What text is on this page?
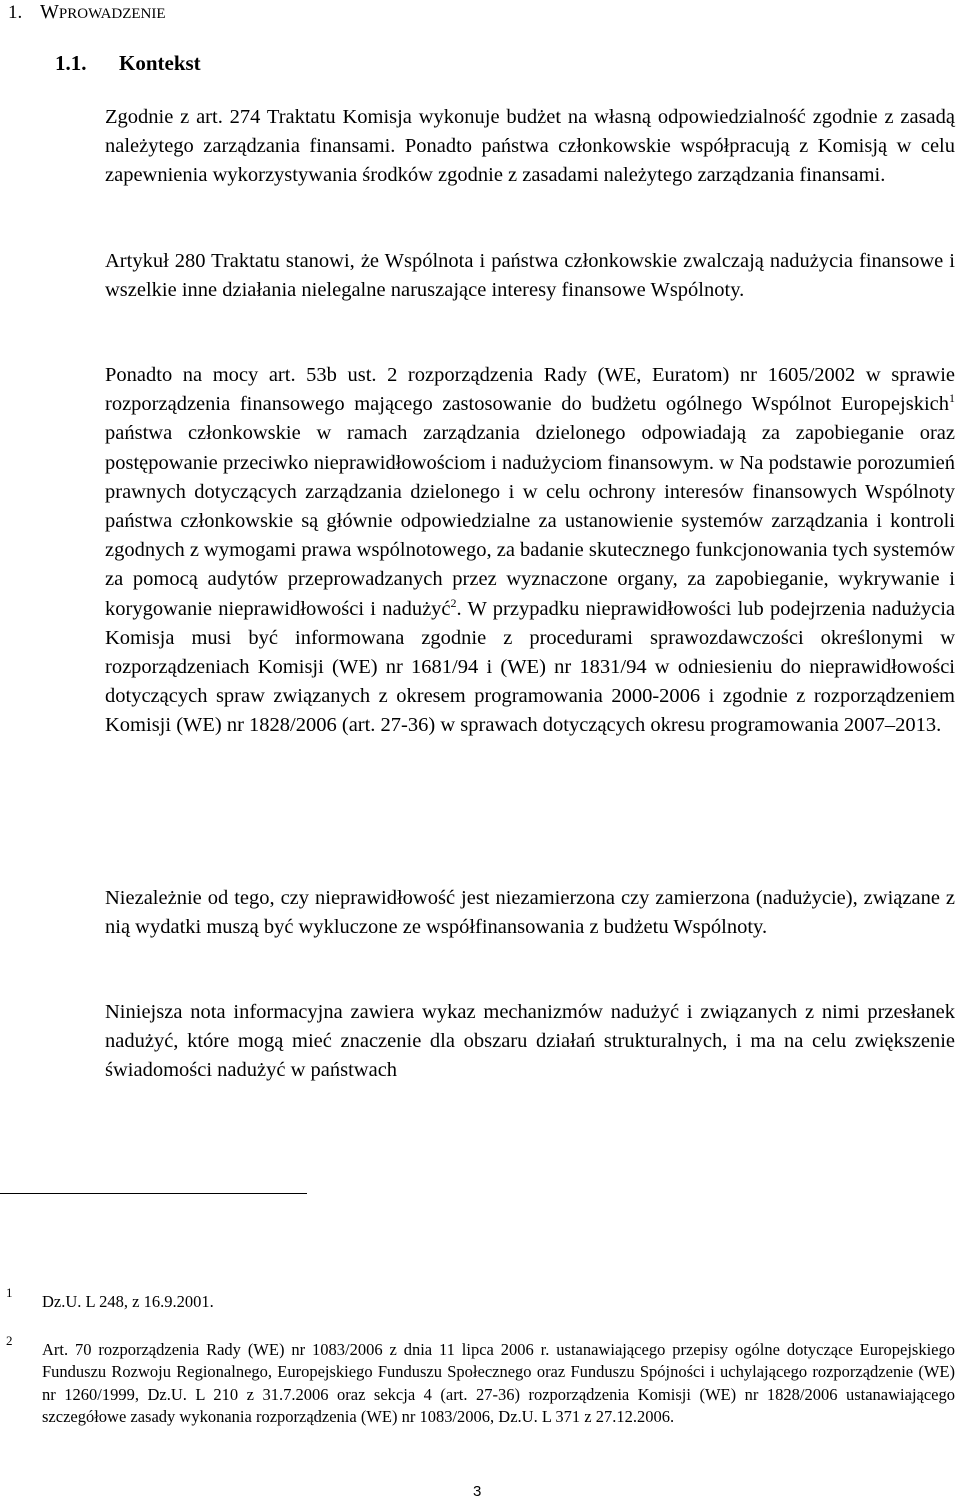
1. WPROWADZENIE
1.1. Kontekst

Zgodnie z art. 274 Traktatu Komisja wykonuje budżet na własną odpowiedzialność zgodnie z zasadą należytego zarządzania finansami. Ponadto państwa członkowskie współpracują z Komisją w celu zapewnienia wykorzystywania środków zgodnie z zasadami należytego zarządzania finansami.

Artykuł 280 Traktatu stanowi, że Wspólnota i państwa członkowskie zwalczają nadużycia finansowe i wszelkie inne działania nielegalne naruszające interesy finansowe Wspólnoty.

Ponadto na mocy art. 53b ust. 2 rozporządzenia Rady (WE, Euratom) nr 1605/2002 w sprawie rozporządzenia finansowego mającego zastosowanie do budżetu ogólnego Wspólnot Europejskich$^1$ państwa członkowskie w ramach zarządzania dzielonego odpowiadają za zapobieganie oraz postępowanie przeciwko nieprawidłowościom i nadużyciom finansowym. w Na podstawie porozumień prawnych dotyczących zarządzania dzielonego i w celu ochrony interesów finansowych Wspólnoty państwa członkowskie są głównie odpowiedzialne za ustanowienie systemów zarządzania i kontroli zgodnych z wymogami prawa wspólnotowego, za badanie skutecznego funkcjonowania tych systemów za pomocą audytów przeprowadzanych przez wyznaczone organy, za zapobieganie, wykrywanie i korygowanie nieprawidłowości i nadużyć$^2$. W przypadku nieprawidłowości lub podejrzenia nadużycia Komisja musi być informowana zgodnie z procedurami sprawozdawczości określonymi w rozporządzeniach Komisji (WE) nr 1681/94 i (WE) nr 1831/94 w odniesieniu do nieprawidłowości dotyczących spraw związanych z okresem programowania 2000-2006 i zgodnie z rozporządzeniem Komisji (WE) nr 1828/2006 (art. 27-36) w sprawach dotyczących okresu programowania 2007–2013.

Niezależnie od tego, czy nieprawidłowość jest niezamierzona czy zamierzona (nadużycie), związane z nią wydatki muszą być wykluczone ze współfinansowania z budżetu Wspólnoty.

Niniejsza nota informacyjna zawiera wykaz mechanizmów nadużyć i związanych z nimi przesłanek nadużyć, które mogą mieć znaczenie dla obszaru działań strukturalnych, i ma na celu zwiększenie świadomości nadużyć w państwach

1 Dz.U. L 248, z 16.9.2001.
2 Art. 70 rozporządzenia Rady (WE) nr 1083/2006 z dnia 11 lipca 2006 r. ustanawiającego przepisy ogólne dotyczące Europejskiego Funduszu Rozwoju Regionalnego, Europejskiego Funduszu Społecznego oraz Funduszu Spójności i uchylającego rozporządzenie (WE) nr 1260/1999, Dz.U. L 210 z 31.7.2006 oraz sekcja 4 (art. 27-36) rozporządzenia Komisji (WE) nr 1828/2006 ustanawiającego szczegółowe zasady wykonania rozporządzenia (WE) nr 1083/2006, Dz.U. L 371 z 27.12.2006.
3
